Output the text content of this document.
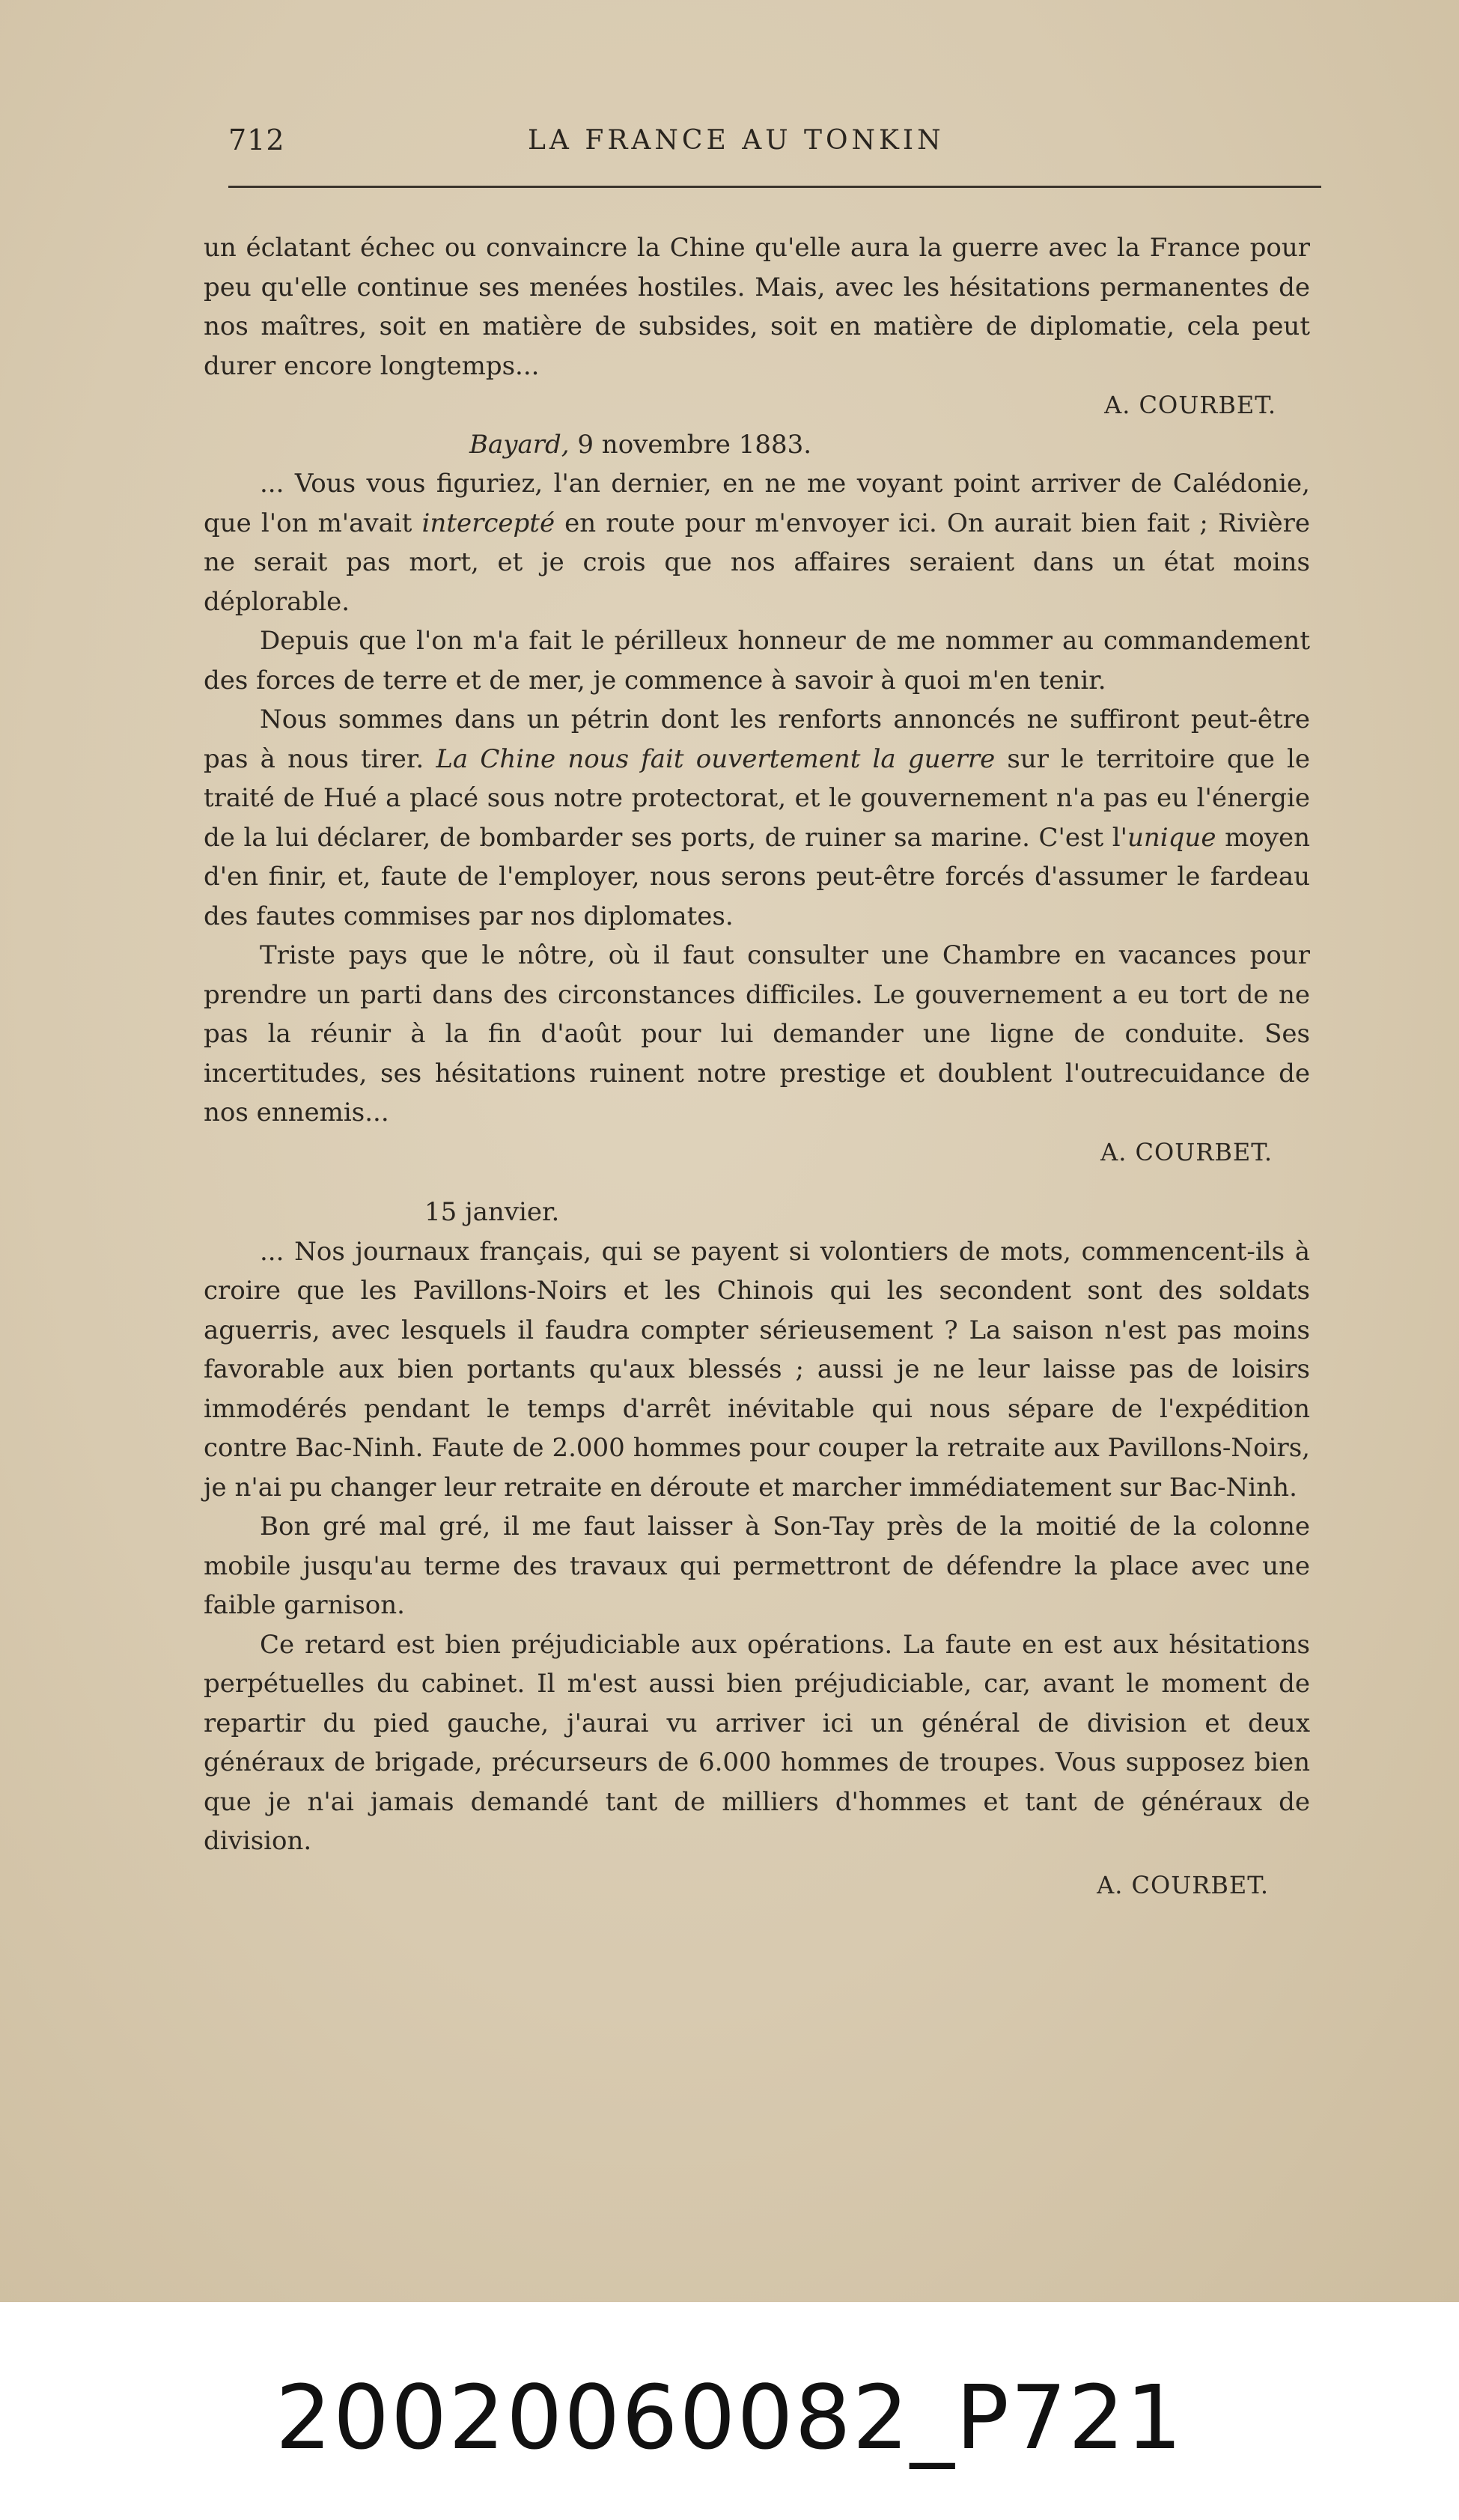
712	LA FRANCE AU TONKIN

un éclatant échec ou convaincre la Chine qu'elle aura la guerre avec la France pour peu qu'elle continue ses menées hostiles. Mais, avec les hésitations permanentes de nos maîtres, soit en matière de subsides, soit en matière de diplomatie, cela peut durer encore longtemps...

A. COURBET.

Bayard, 9 novembre 1883.

... Vous vous figuriez, l'an dernier, en ne me voyant point arriver de Calédonie, que l'on m'avait intercepté en route pour m'envoyer ici. On aurait bien fait ; Rivière ne serait pas mort, et je crois que nos affaires seraient dans un état moins déplorable.

Depuis que l'on m'a fait le périlleux honneur de me nommer au commandement des forces de terre et de mer, je commence à savoir à quoi m'en tenir.

Nous sommes dans un pétrin dont les renforts annoncés ne suffiront peut-être pas à nous tirer. La Chine nous fait ouvertement la guerre sur le territoire que le traité de Hué a placé sous notre protectorat, et le gouvernement n'a pas eu l'énergie de la lui déclarer, de bombarder ses ports, de ruiner sa marine. C'est l'unique moyen d'en finir, et, faute de l'employer, nous serons peut-être forcés d'assumer le fardeau des fautes commises par nos diplomates.

Triste pays que le nôtre, où il faut consulter une Chambre en vacances pour prendre un parti dans des circonstances difficiles. Le gouvernement a eu tort de ne pas la réunir à la fin d'août pour lui demander une ligne de conduite. Ses incertitudes, ses hésitations ruinent notre prestige et doublent l'outrecuidance de nos ennemis...

A. COURBET.

15 janvier.

... Nos journaux français, qui se payent si volontiers de mots, commencent-ils à croire que les Pavillons-Noirs et les Chinois qui les secondent sont des soldats aguerris, avec lesquels il faudra compter sérieusement ? La saison n'est pas moins favorable aux bien portants qu'aux blessés ; aussi je ne leur laisse pas de loisirs immodérés pendant le temps d'arrêt inévitable qui nous sépare de l'expédition contre Bac-Ninh. Faute de 2.000 hommes pour couper la retraite aux Pavillons-Noirs, je n'ai pu changer leur retraite en déroute et marcher immédiatement sur Bac-Ninh.

Bon gré mal gré, il me faut laisser à Son-Tay près de la moitié de la colonne mobile jusqu'au terme des travaux qui permettront de défendre la place avec une faible garnison.

Ce retard est bien préjudiciable aux opérations. La faute en est aux hésitations perpétuelles du cabinet. Il m'est aussi bien préjudiciable, car, avant le moment de repartir du pied gauche, j'aurai vu arriver ici un général de division et deux généraux de brigade, précurseurs de 6.000 hommes de troupes. Vous supposez bien que je n'ai jamais demandé tant de milliers d'hommes et tant de généraux de division.

A. COURBET.

20020060082_P721
